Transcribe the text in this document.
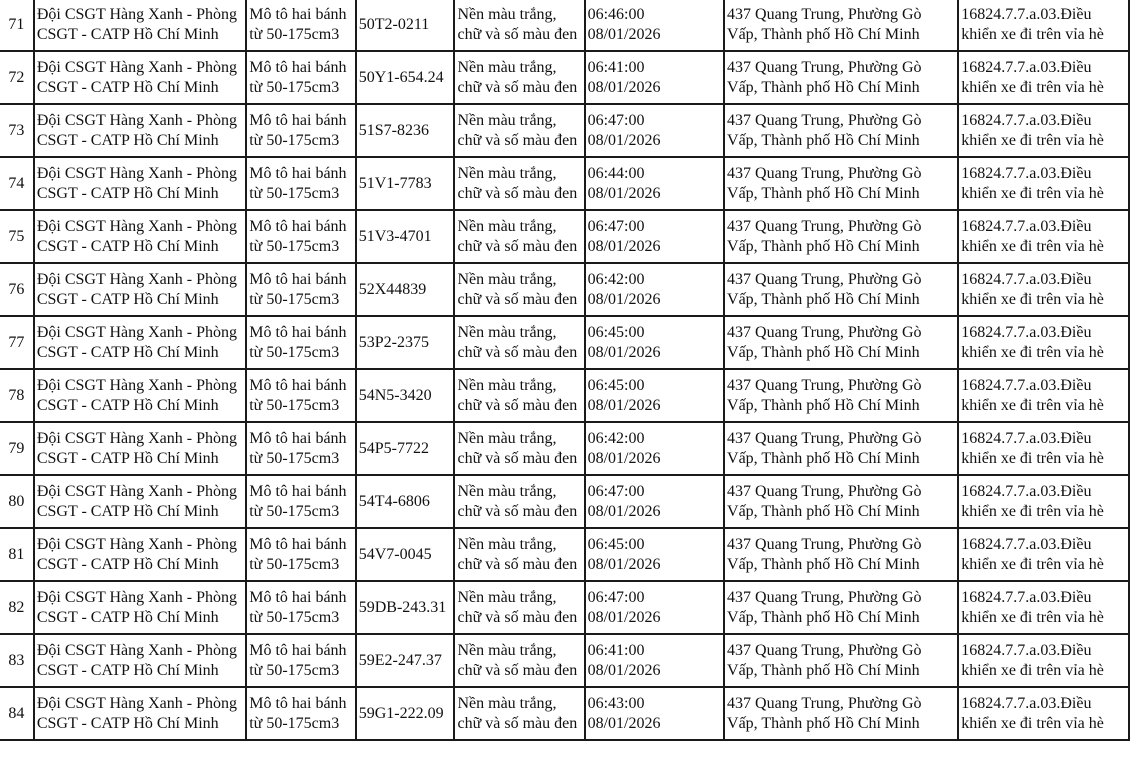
71	Đội CSGT Hàng Xanh - Phòng
CSGT - CATP Hồ Chí Minh	Mô tô hai bánh
từ 50-175cm3	50T2-0211	Nền màu trắng,
chữ và số màu đen	06:46:00 08/01/2026	437 Quang Trung, Phường Gò
Vấp, Thành phố Hồ Chí Minh	16824.7.7.a.03.Điều
khiển xe đi trên vỉa hè
72	Đội CSGT Hàng Xanh - Phòng
CSGT - CATP Hồ Chí Minh	Mô tô hai bánh
từ 50-175cm3	50Y1-654.24	Nền màu trắng,
chữ và số màu đen	06:41:00 08/01/2026	437 Quang Trung, Phường Gò
Vấp, Thành phố Hồ Chí Minh	16824.7.7.a.03.Điều
khiển xe đi trên vỉa hè
73	Đội CSGT Hàng Xanh - Phòng
CSGT - CATP Hồ Chí Minh	Mô tô hai bánh
từ 50-175cm3	51S7-8236	Nền màu trắng,
chữ và số màu đen	06:47:00 08/01/2026	437 Quang Trung, Phường Gò
Vấp, Thành phố Hồ Chí Minh	16824.7.7.a.03.Điều
khiển xe đi trên vỉa hè
74	Đội CSGT Hàng Xanh - Phòng
CSGT - CATP Hồ Chí Minh	Mô tô hai bánh
từ 50-175cm3	51V1-7783	Nền màu trắng,
chữ và số màu đen	06:44:00 08/01/2026	437 Quang Trung, Phường Gò
Vấp, Thành phố Hồ Chí Minh	16824.7.7.a.03.Điều
khiển xe đi trên vỉa hè
75	Đội CSGT Hàng Xanh - Phòng
CSGT - CATP Hồ Chí Minh	Mô tô hai bánh
từ 50-175cm3	51V3-4701	Nền màu trắng,
chữ và số màu đen	06:47:00 08/01/2026	437 Quang Trung, Phường Gò
Vấp, Thành phố Hồ Chí Minh	16824.7.7.a.03.Điều
khiển xe đi trên vỉa hè
76	Đội CSGT Hàng Xanh - Phòng
CSGT - CATP Hồ Chí Minh	Mô tô hai bánh
từ 50-175cm3	52X44839	Nền màu trắng,
chữ và số màu đen	06:42:00 08/01/2026	437 Quang Trung, Phường Gò
Vấp, Thành phố Hồ Chí Minh	16824.7.7.a.03.Điều
khiển xe đi trên vỉa hè
77	Đội CSGT Hàng Xanh - Phòng
CSGT - CATP Hồ Chí Minh	Mô tô hai bánh
từ 50-175cm3	53P2-2375	Nền màu trắng,
chữ và số màu đen	06:45:00 08/01/2026	437 Quang Trung, Phường Gò
Vấp, Thành phố Hồ Chí Minh	16824.7.7.a.03.Điều
khiển xe đi trên vỉa hè
78	Đội CSGT Hàng Xanh - Phòng
CSGT - CATP Hồ Chí Minh	Mô tô hai bánh
từ 50-175cm3	54N5-3420	Nền màu trắng,
chữ và số màu đen	06:45:00 08/01/2026	437 Quang Trung, Phường Gò
Vấp, Thành phố Hồ Chí Minh	16824.7.7.a.03.Điều
khiển xe đi trên vỉa hè
79	Đội CSGT Hàng Xanh - Phòng
CSGT - CATP Hồ Chí Minh	Mô tô hai bánh
từ 50-175cm3	54P5-7722	Nền màu trắng,
chữ và số màu đen	06:42:00 08/01/2026	437 Quang Trung, Phường Gò
Vấp, Thành phố Hồ Chí Minh	16824.7.7.a.03.Điều
khiển xe đi trên vỉa hè
80	Đội CSGT Hàng Xanh - Phòng
CSGT - CATP Hồ Chí Minh	Mô tô hai bánh
từ 50-175cm3	54T4-6806	Nền màu trắng,
chữ và số màu đen	06:47:00 08/01/2026	437 Quang Trung, Phường Gò
Vấp, Thành phố Hồ Chí Minh	16824.7.7.a.03.Điều
khiển xe đi trên vỉa hè
81	Đội CSGT Hàng Xanh - Phòng
CSGT - CATP Hồ Chí Minh	Mô tô hai bánh
từ 50-175cm3	54V7-0045	Nền màu trắng,
chữ và số màu đen	06:45:00 08/01/2026	437 Quang Trung, Phường Gò
Vấp, Thành phố Hồ Chí Minh	16824.7.7.a.03.Điều
khiển xe đi trên vỉa hè
82	Đội CSGT Hàng Xanh - Phòng
CSGT - CATP Hồ Chí Minh	Mô tô hai bánh
từ 50-175cm3	59DB-243.31	Nền màu trắng,
chữ và số màu đen	06:47:00 08/01/2026	437 Quang Trung, Phường Gò
Vấp, Thành phố Hồ Chí Minh	16824.7.7.a.03.Điều
khiển xe đi trên vỉa hè
83	Đội CSGT Hàng Xanh - Phòng
CSGT - CATP Hồ Chí Minh	Mô tô hai bánh
từ 50-175cm3	59E2-247.37	Nền màu trắng,
chữ và số màu đen	06:41:00 08/01/2026	437 Quang Trung, Phường Gò
Vấp, Thành phố Hồ Chí Minh	16824.7.7.a.03.Điều
khiển xe đi trên vỉa hè
84	Đội CSGT Hàng Xanh - Phòng
CSGT - CATP Hồ Chí Minh	Mô tô hai bánh
từ 50-175cm3	59G1-222.09	Nền màu trắng,
chữ và số màu đen	06:43:00 08/01/2026	437 Quang Trung, Phường Gò
Vấp, Thành phố Hồ Chí Minh	16824.7.7.a.03.Điều
khiển xe đi trên vỉa hè
